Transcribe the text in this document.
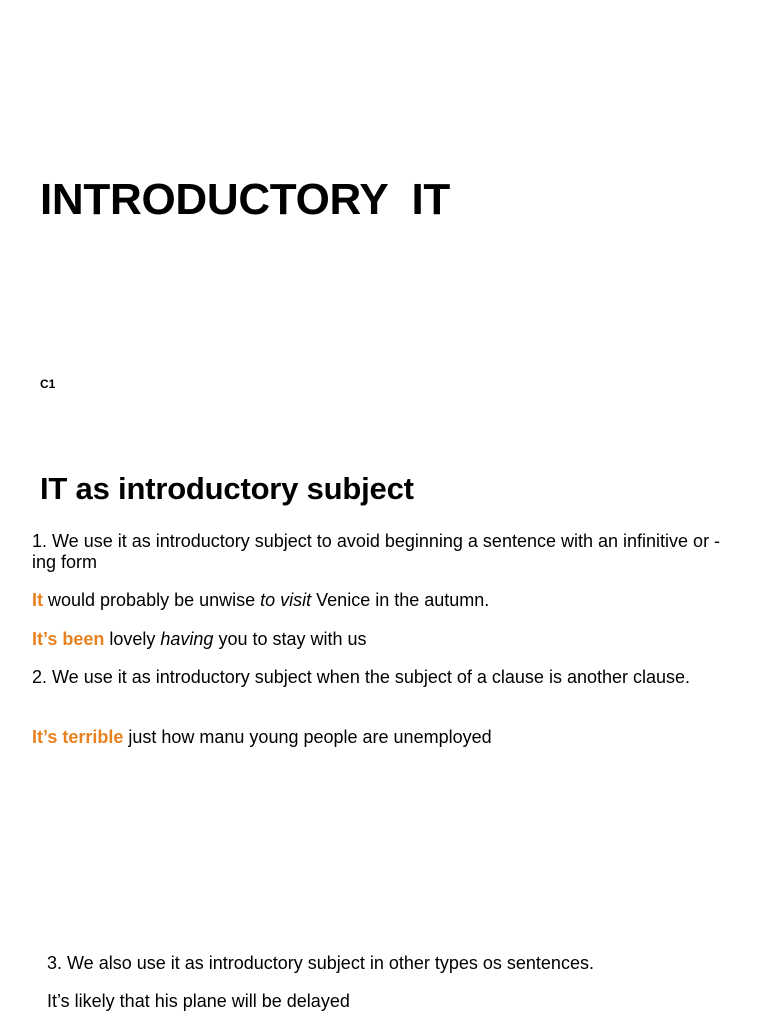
INTRODUCTORY  IT
C1
IT as introductory subject

1. We use it as introductory subject to avoid beginning a sentence with an infinitive or -ing form

It would probably be unwise to visit Venice in the autumn.

It’s been lovely having you to stay with us

2. We use it as introductory subject when the subject of a clause is another clause.

It’s terrible just how manu young people are unemployed

3. We also use it as introductory subject in other types os sentences.

It’s likely that his plane will be delayed
